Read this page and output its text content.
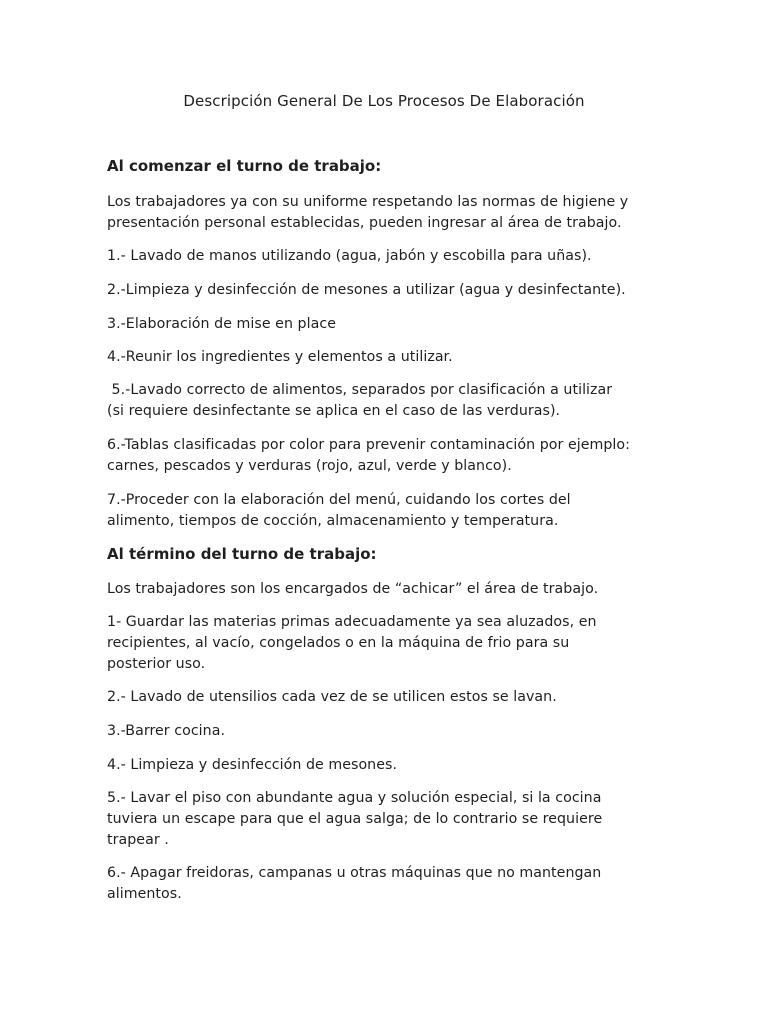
Descripción General De Los Procesos De Elaboración
Al comenzar el turno de trabajo:
Los trabajadores ya con su uniforme respetando las normas de higiene y
presentación personal establecidas, pueden ingresar al área de trabajo.
1.- Lavado de manos utilizando (agua, jabón y escobilla para uñas).
2.-Limpieza y desinfección de mesones a utilizar (agua y desinfectante).
3.-Elaboración de mise en place
4.-Reunir los ingredientes y elementos a utilizar.
5.-Lavado correcto de alimentos, separados por clasificación a utilizar
(si requiere desinfectante se aplica en el caso de las verduras).
6.-Tablas clasificadas por color para prevenir contaminación por ejemplo:
carnes, pescados y verduras (rojo, azul, verde y blanco).
7.-Proceder con la elaboración del menú, cuidando los cortes del
alimento, tiempos de cocción, almacenamiento y temperatura.
Al término del turno de trabajo:
Los trabajadores son los encargados de “achicar” el área de trabajo.
1- Guardar las materias primas adecuadamente ya sea aluzados, en
recipientes, al vacío, congelados o en la máquina de frio para su
posterior uso.
2.- Lavado de utensilios cada vez de se utilicen estos se lavan.
3.-Barrer cocina.
4.- Limpieza y desinfección de mesones.
5.- Lavar el piso con abundante agua y solución especial, si la cocina
tuviera un escape para que el agua salga; de lo contrario se requiere
trapear .
6.- Apagar freidoras, campanas u otras máquinas que no mantengan
alimentos.
